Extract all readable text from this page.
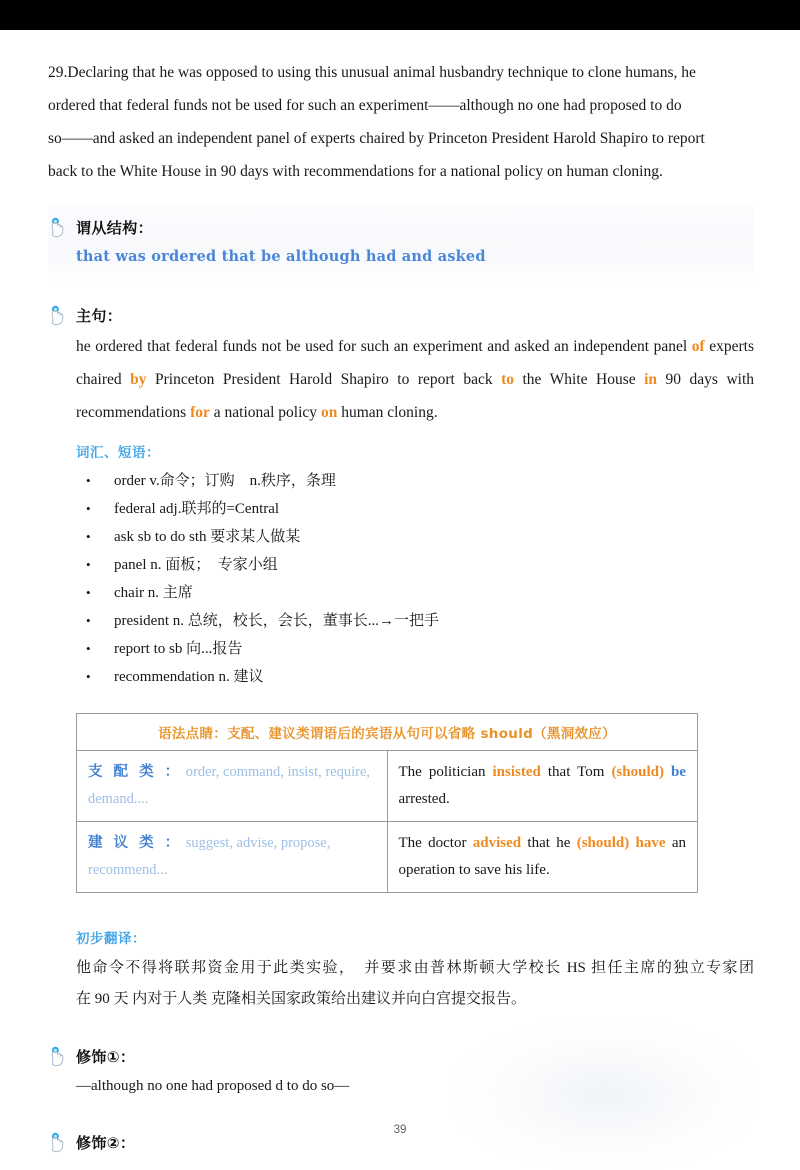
29.Declaring that he was opposed to using this unusual animal husbandry technique to clone humans, he
ordered that federal funds not be used for such an experiment——although no one had proposed to do
so——and asked an independent panel of experts chaired by Princeton President Harold Shapiro to report
back to the White House in 90 days with recommendations for a national policy on human cloning.
谓从结构：
that was ordered that be although had and asked
主句：
he ordered that federal funds not be used for such an experiment and asked an independent panel of experts chaired by Princeton President Harold Shapiro to report back to the White House in 90 days with recommendations for a national policy on human cloning.
词汇、短语：
• order v.命令；订购　n.秩序，条理
• federal adj.联邦的=Central
• ask sb to do sth 要求某人做某
• panel n. 面板；　专家小组
• chair n. 主席
• president n. 总统，校长，会长，董事长...→一把手
• report to sb 向...报告
• recommendation n. 建议
语法点睛：支配、建议类谓语后的宾语从句可以省略 should（黑洞效应）	
支 配 类 ： order, command, insist, require, demand....	The politician insisted that Tom (should) be arrested.

建 议 类 ： suggest, advise, propose, recommend...	The doctor advised that he (should) have an operation to save his life.
初步翻译：
他命令不得将联邦资金用于此类实验，　并要求由普林斯顿大学校长 HS 担任主席的独立专家团
在 90 天 内对于人类 克隆相关国家政策给出建议并向白宫提交报告。
修饰①：
—although no one had proposed d to do so—
修饰②：
39
